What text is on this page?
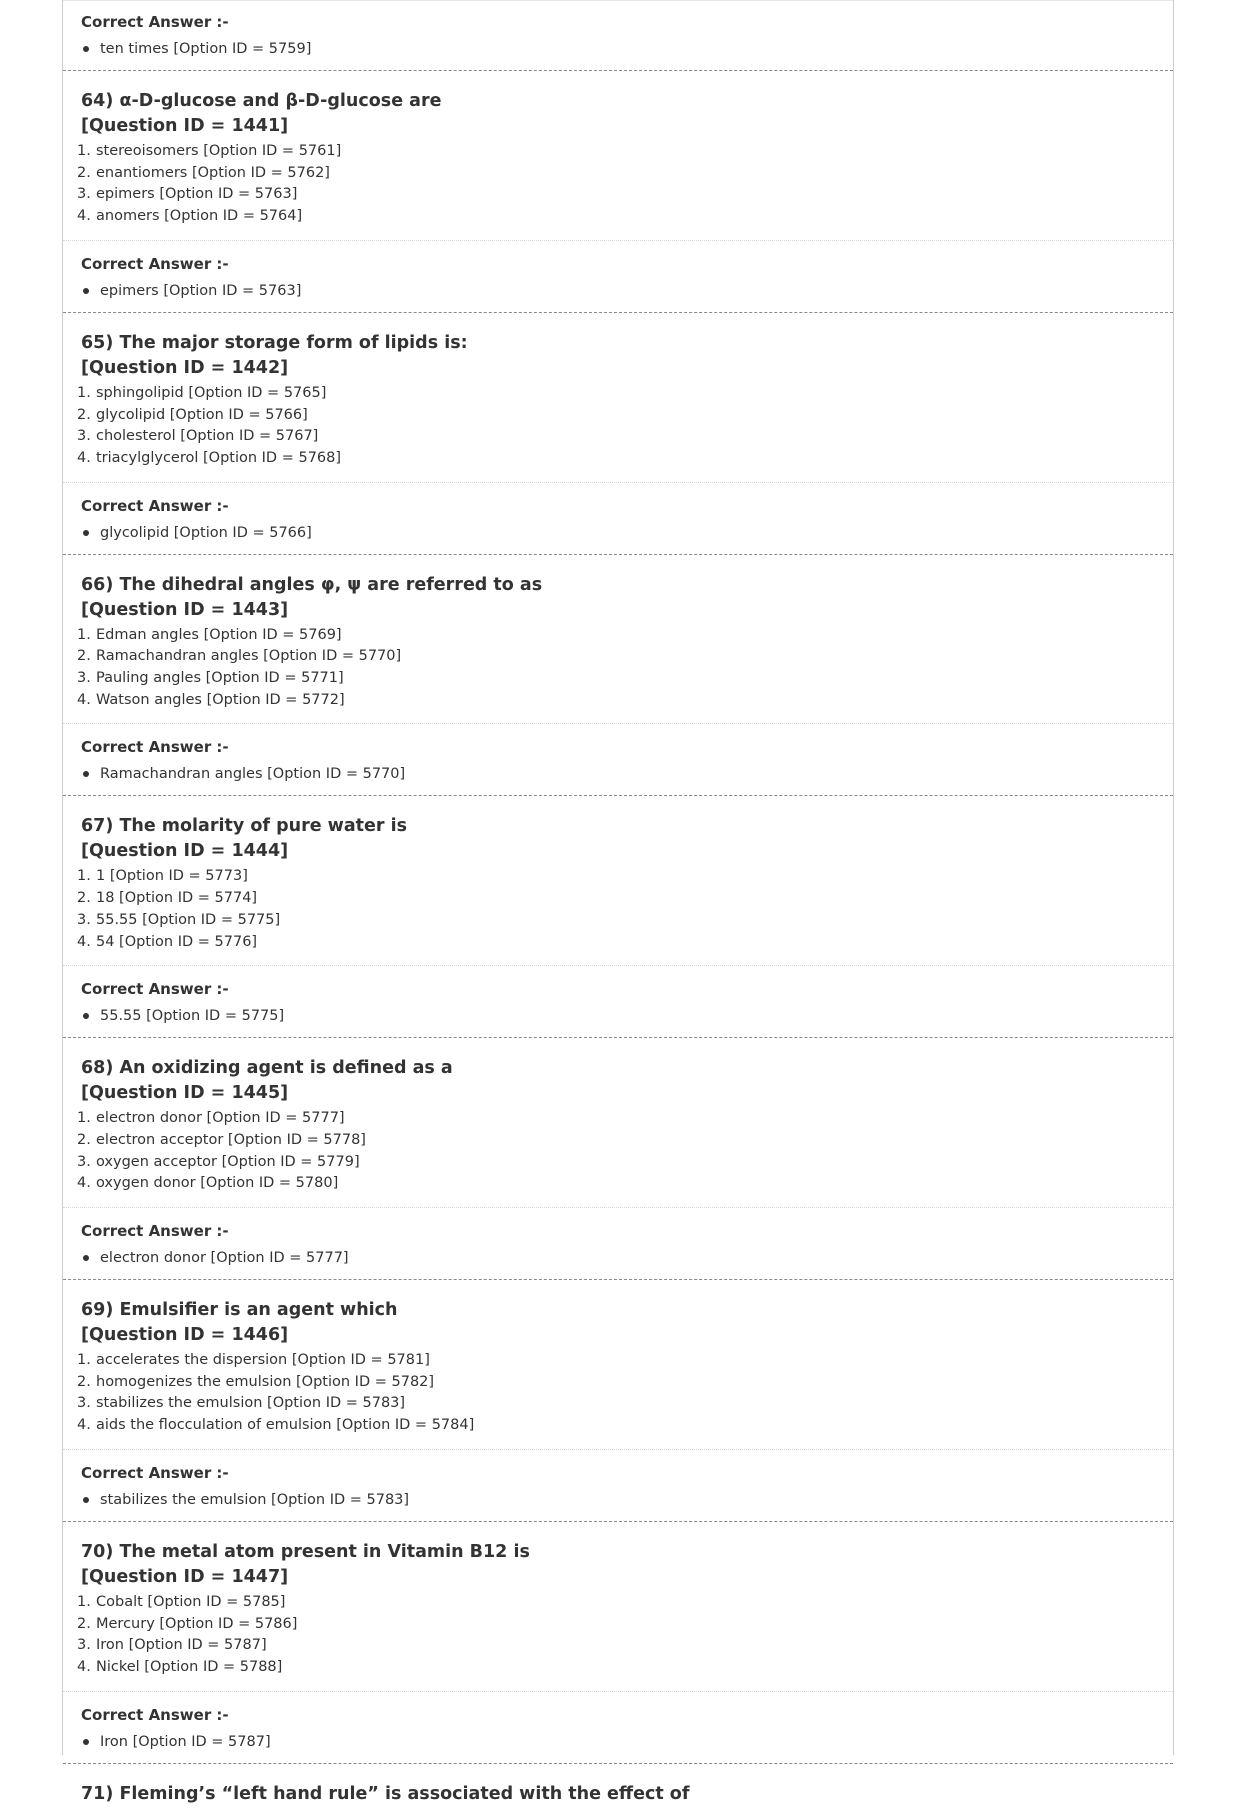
Correct Answer :-
ten times [Option ID = 5759]
64) α-D-glucose and β-D-glucose are
[Question ID = 1441]
1. stereoisomers [Option ID = 5761]
2. enantiomers [Option ID = 5762]
3. epimers [Option ID = 5763]
4. anomers [Option ID = 5764]
Correct Answer :-
epimers [Option ID = 5763]
65) The major storage form of lipids is:
[Question ID = 1442]
1. sphingolipid [Option ID = 5765]
2. glycolipid [Option ID = 5766]
3. cholesterol [Option ID = 5767]
4. triacylglycerol [Option ID = 5768]
Correct Answer :-
glycolipid [Option ID = 5766]
66) The dihedral angles φ, ψ are referred to as
[Question ID = 1443]
1. Edman angles [Option ID = 5769]
2. Ramachandran angles [Option ID = 5770]
3. Pauling angles [Option ID = 5771]
4. Watson angles [Option ID = 5772]
Correct Answer :-
Ramachandran angles [Option ID = 5770]
67) The molarity of pure water is
[Question ID = 1444]
1. 1 [Option ID = 5773]
2. 18 [Option ID = 5774]
3. 55.55 [Option ID = 5775]
4. 54 [Option ID = 5776]
Correct Answer :-
55.55 [Option ID = 5775]
68) An oxidizing agent is defined as a
[Question ID = 1445]
1. electron donor [Option ID = 5777]
2. electron acceptor [Option ID = 5778]
3. oxygen acceptor [Option ID = 5779]
4. oxygen donor [Option ID = 5780]
Correct Answer :-
electron donor [Option ID = 5777]
69) Emulsifier is an agent which
[Question ID = 1446]
1. accelerates the dispersion [Option ID = 5781]
2. homogenizes the emulsion [Option ID = 5782]
3. stabilizes the emulsion [Option ID = 5783]
4. aids the flocculation of emulsion [Option ID = 5784]
Correct Answer :-
stabilizes the emulsion [Option ID = 5783]
70) The metal atom present in Vitamin B12 is
[Question ID = 1447]
1. Cobalt [Option ID = 5785]
2. Mercury [Option ID = 5786]
3. Iron [Option ID = 5787]
4. Nickel [Option ID = 5788]
Correct Answer :-
Iron [Option ID = 5787]
71) Fleming’s “left hand rule” is associated with the effect of
